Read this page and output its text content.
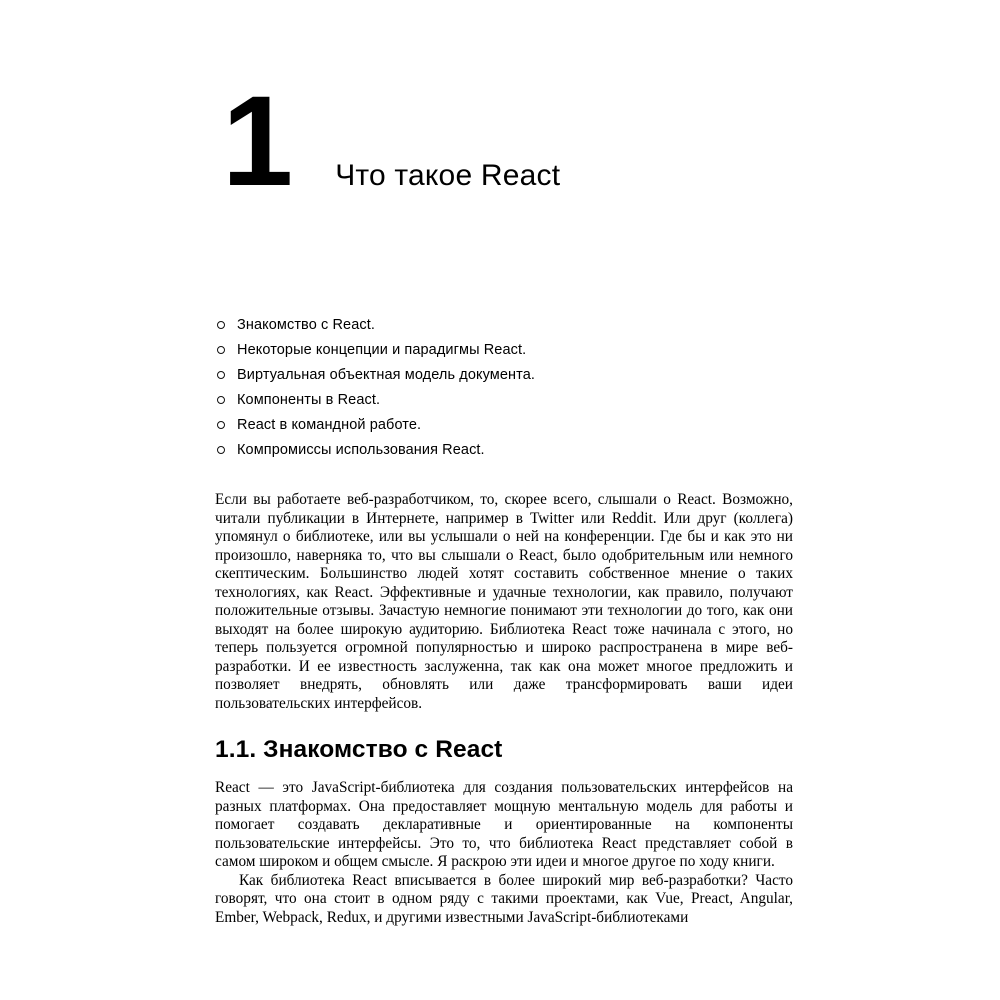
1 Что такое React
Знакомство с React.
Некоторые концепции и парадигмы React.
Виртуальная объектная модель документа.
Компоненты в React.
React в командной работе.
Компромиссы использования React.

Если вы работаете веб-разработчиком, то, скорее всего, слышали о React. Возможно, читали публикации в Интернете, например в Twitter или Reddit. Или друг (коллега) упомянул о библиотеке, или вы услышали о ней на конференции. Где бы и как это ни произошло, наверняка то, что вы слышали о React, было одобрительным или немного скептическим. Большинство людей хотят составить собственное мнение о таких технологиях, как React. Эффективные и удачные технологии, как правило, получают положительные отзывы. Зачастую немногие понимают эти технологии до того, как они выходят на более широкую аудиторию. Библиотека React тоже начинала с этого, но теперь пользуется огромной популярностью и широко распространена в мире веб-разработки. И ее известность заслуженна, так как она может многое предложить и позволяет внедрять, обновлять или даже трансформировать ваши идеи пользовательских интерфейсов.

1.1. Знакомство с React

React — это JavaScript-библиотека для создания пользовательских интерфейсов на разных платформах. Она предоставляет мощную ментальную модель для работы и помогает создавать декларативные и ориентированные на компоненты пользовательские интерфейсы. Это то, что библиотека React представляет собой в самом широком и общем смысле. Я раскрою эти идеи и многое другое по ходу книги.

Как библиотека React вписывается в более широкий мир веб-разработки? Часто говорят, что она стоит в одном ряду с такими проектами, как Vue, Preact, Angular, Ember, Webpack, Redux, и другими известными JavaScript-библиотеками
